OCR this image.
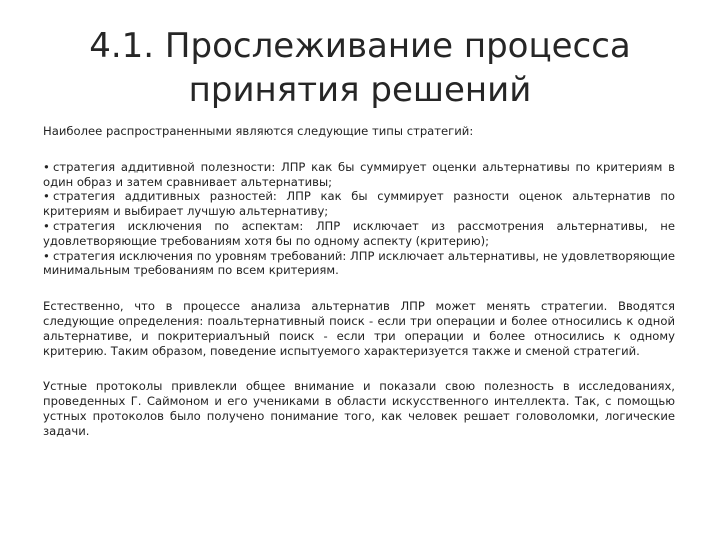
4.1. Прослеживание процесса
принятия решений

Наиболее распространенными являются следующие типы стратегий:

• стратегия аддитивной полезности: ЛПР как бы суммирует оценки альтернативы по критериям в один образ и затем сравнивает альтернативы;
• стратегия аддитивных разностей: ЛПР как бы суммирует разности оценок альтернатив по критериям и выбирает лучшую альтернативу;
• стратегия исключения по аспектам: ЛПР исключает из рассмотрения альтернативы, не удовлетворяющие требованиям хотя бы по одному аспекту (критерию);
• стратегия исключения по уровням требований: ЛПР исключает альтернативы, не удовлетворяющие минимальным требованиям по всем критериям.

Естественно, что в процессе анализа альтернатив ЛПР может менять стратегии. Вводятся следующие определения: поальтернативный поиск - если три операции и более относились к одной альтернативе, и покритериалъный поиск - если три операции и более относились к одному критерию. Таким образом, поведение испытуемого характеризуется также и сменой стратегий.

Устные протоколы привлекли общее внимание и показали свою полезность в исследованиях, проведенных Г. Саймоном и его учениками в области искусственного интеллекта. Так, с помощью устных протоколов было получено понимание того, как человек решает головоломки, логические задачи.
